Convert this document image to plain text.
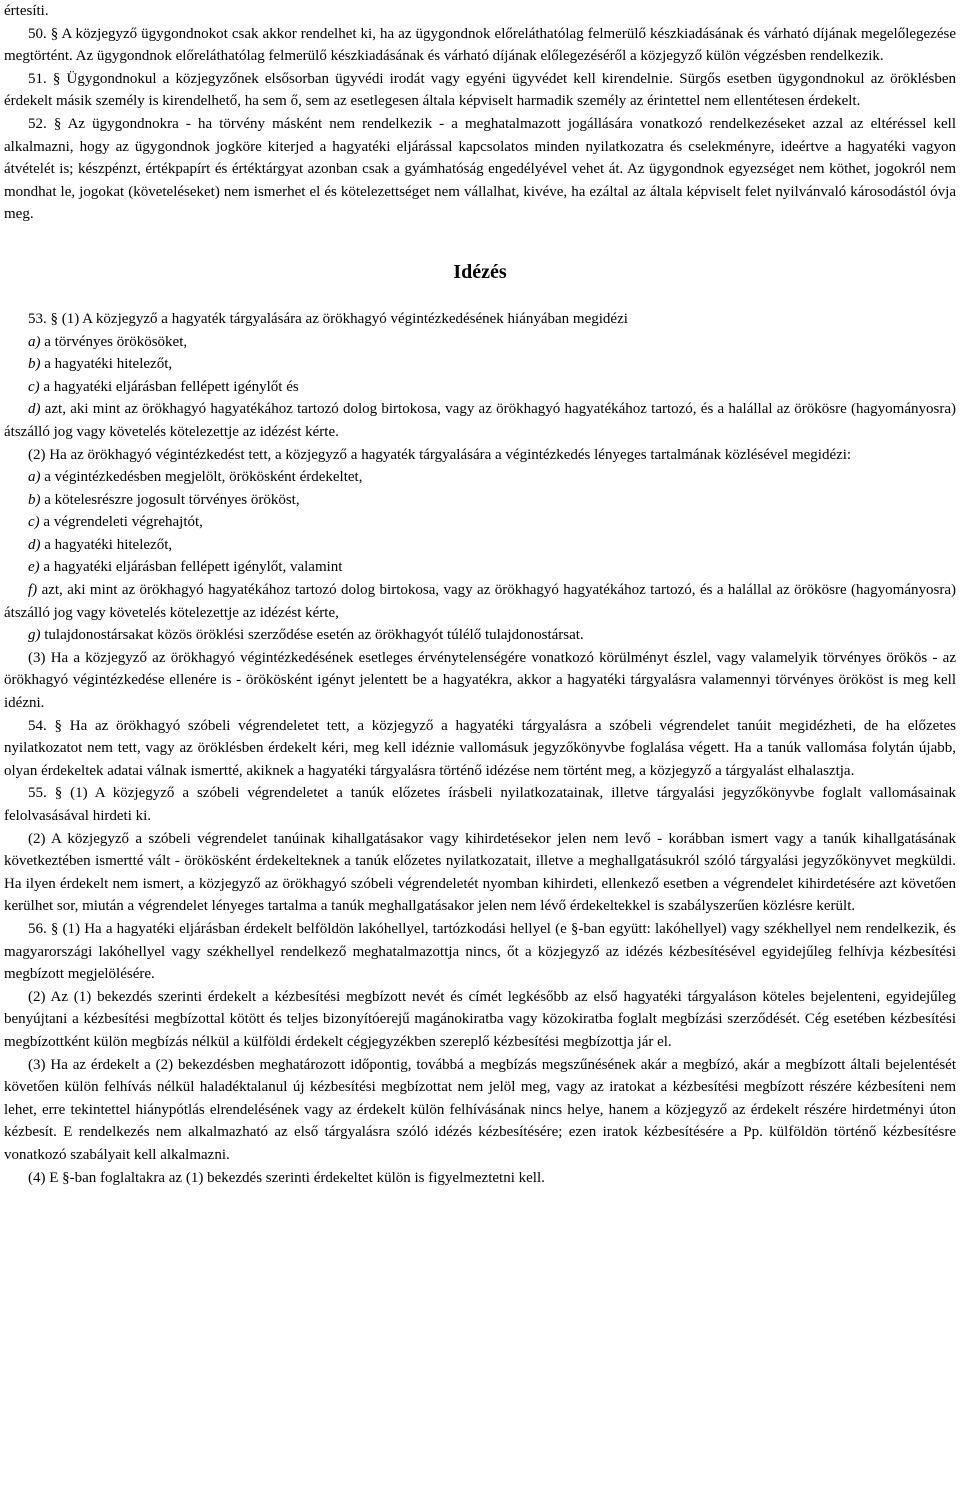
értesíti.

50. § A közjegyző ügygondnokot csak akkor rendelhet ki, ha az ügygondnok előreláthatólag felmerülő készkiadásának és várható díjának megelőlegezése megtörtént. Az ügygondnok előreláthatólag felmerülő készkiadásának és várható díjának előlegezéséről a közjegyző külön végzésben rendelkezik.

51. § Ügygondnokul a közjegyzőnek elsősorban ügyvédi irodát vagy egyéni ügyvédet kell kirendelnie. Sürgős esetben ügygondnokul az öröklésben érdekelt másik személy is kirendelhető, ha sem ő, sem az esetlegesen általa képviselt harmadik személy az érintettel nem ellentétesen érdekelt.

52. § Az ügygondnokra - ha törvény másként nem rendelkezik - a meghatalmazott jogállására vonatkozó rendelkezéseket azzal az eltéréssel kell alkalmazni, hogy az ügygondnok jogköre kiterjed a hagyatéki eljárással kapcsolatos minden nyilatkozatra és cselekményre, ideértve a hagyatéki vagyon átvételét is; készpénzt, értékpapírt és értéktárgyat azonban csak a gyámhatóság engedélyével vehet át. Az ügygondnok egyezséget nem köthet, jogokról nem mondhat le, jogokat (követeléseket) nem ismerhet el és kötelezettséget nem vállalhat, kivéve, ha ezáltal az általa képviselt felet nyilvánvaló károsodástól óvja meg.

Idézés

53. § (1) A közjegyző a hagyaték tárgyalására az örökhagyó végintézkedésének hiányában megidézi

a) a törvényes örökösöket,

b) a hagyatéki hitelezőt,

c) a hagyatéki eljárásban fellépett igénylőt és

d) azt, aki mint az örökhagyó hagyatékához tartozó dolog birtokosa, vagy az örökhagyó hagyatékához tartozó, és a halállal az örökösre (hagyományosra) átszálló jog vagy követelés kötelezettje az idézést kérte.

(2) Ha az örökhagyó végintézkedést tett, a közjegyző a hagyaték tárgyalására a végintézkedés lényeges tartalmának közlésével megidézi:

a) a végintézkedésben megjelölt, örökösként érdekeltet,

b) a kötelesrészre jogosult törvényes örököst,

c) a végrendeleti végrehajtót,

d) a hagyatéki hitelezőt,

e) a hagyatéki eljárásban fellépett igénylőt, valamint

f) azt, aki mint az örökhagyó hagyatékához tartozó dolog birtokosa, vagy az örökhagyó hagyatékához tartozó, és a halállal az örökösre (hagyományosra) átszálló jog vagy követelés kötelezettje az idézést kérte,

g) tulajdonostársakat közös öröklési szerződése esetén az örökhagyót túlélő tulajdonostársat.

(3) Ha a közjegyző az örökhagyó végintézkedésének esetleges érvénytelenségére vonatkozó körülményt észlel, vagy valamelyik törvényes örökös - az örökhagyó végintézkedése ellenére is - örökösként igényt jelentett be a hagyatékra, akkor a hagyatéki tárgyalásra valamennyi törvényes örököst is meg kell idézni.

54. § Ha az örökhagyó szóbeli végrendeletet tett, a közjegyző a hagyatéki tárgyalásra a szóbeli végrendelet tanúit megidézheti, de ha előzetes nyilatkozatot nem tett, vagy az öröklésben érdekelt kéri, meg kell idéznie vallomásuk jegyzőkönyvbe foglalása végett. Ha a tanúk vallomása folytán újabb, olyan érdekeltek adatai válnak ismertté, akiknek a hagyatéki tárgyalásra történő idézése nem történt meg, a közjegyző a tárgyalást elhalasztja.

55. § (1) A közjegyző a szóbeli végrendeletet a tanúk előzetes írásbeli nyilatkozatainak, illetve tárgyalási jegyzőkönyvbe foglalt vallomásainak felolvasásával hirdeti ki.

(2) A közjegyző a szóbeli végrendelet tanúinak kihallgatásakor vagy kihirdetésekor jelen nem levő - korábban ismert vagy a tanúk kihallgatásának következtében ismertté vált - örökösként érdekelteknek a tanúk előzetes nyilatkozatait, illetve a meghallgatásukról szóló tárgyalási jegyzőkönyvet megküldi. Ha ilyen érdekelt nem ismert, a közjegyző az örökhagyó szóbeli végrendeletét nyomban kihirdeti, ellenkező esetben a végrendelet kihirdetésére azt követően kerülhet sor, miután a végrendelet lényeges tartalma a tanúk meghallgatásakor jelen nem lévő érdekeltekkel is szabályszerűen közlésre került.

56. § (1) Ha a hagyatéki eljárásban érdekelt belföldön lakóhellyel, tartózkodási hellyel (e §-ban együtt: lakóhellyel) vagy székhellyel nem rendelkezik, és magyarországi lakóhellyel vagy székhellyel rendelkező meghatalmazottja nincs, őt a közjegyző az idézés kézbesítésével egyidejűleg felhívja kézbesítési megbízott megjelölésére.

(2) Az (1) bekezdés szerinti érdekelt a kézbesítési megbízott nevét és címét legkésőbb az első hagyatéki tárgyaláson köteles bejelenteni, egyidejűleg benyújtani a kézbesítési megbízottal kötött és teljes bizonyítóerejű magánokiratba vagy közokiratba foglalt megbízási szerződését. Cég esetében kézbesítési megbízottként külön megbízás nélkül a külföldi érdekelt cégjegyzékben szereplő kézbesítési megbízottja jár el.

(3) Ha az érdekelt a (2) bekezdésben meghatározott időpontig, továbbá a megbízás megszűnésének akár a megbízó, akár a megbízott általi bejelentését követően külön felhívás nélkül haladéktalanul új kézbesítési megbízottat nem jelöl meg, vagy az iratokat a kézbesítési megbízott részére kézbesíteni nem lehet, erre tekintettel hiánypótlás elrendelésének vagy az érdekelt külön felhívásának nincs helye, hanem a közjegyző az érdekelt részére hirdetményi úton kézbesít. E rendelkezés nem alkalmazható az első tárgyalásra szóló idézés kézbesítésére; ezen iratok kézbesítésére a Pp. külföldön történő kézbesítésre vonatkozó szabályait kell alkalmazni.

(4) E §-ban foglaltakra az (1) bekezdés szerinti érdekeltet külön is figyelmeztetni kell.
